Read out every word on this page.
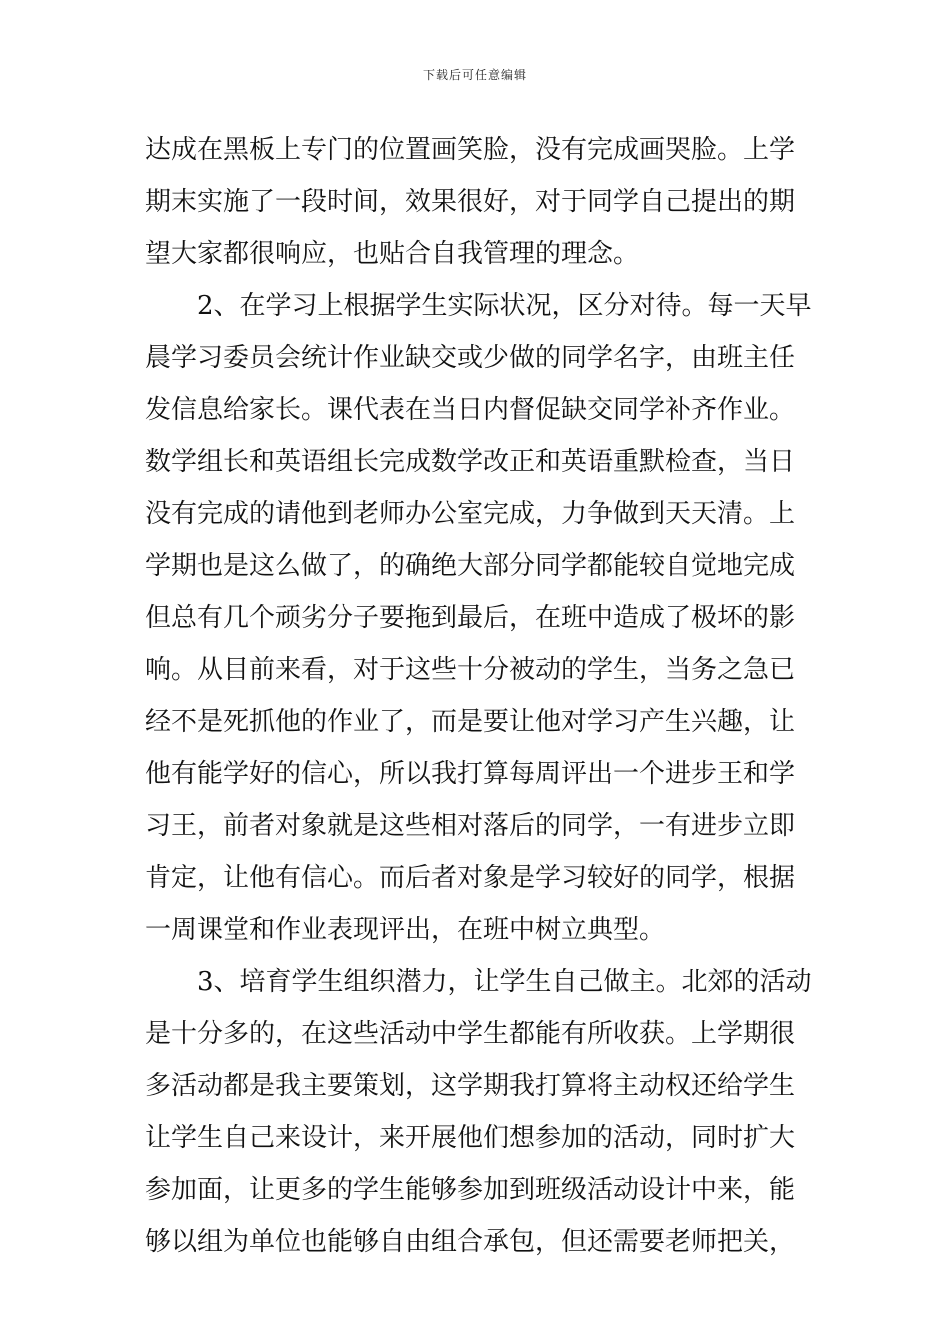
下载后可任意编辑
达成在黑板上专门的位置画笑脸，没有完成画哭脸。上学
期末实施了一段时间，效果很好，对于同学自己提出的期
望大家都很响应，也贴合自我管理的理念。
2、在学习上根据学生实际状况，区分对待。每一天早
晨学习委员会统计作业缺交或少做的同学名字，由班主任
发信息给家长。课代表在当日内督促缺交同学补齐作业。
数学组长和英语组长完成数学改正和英语重默检查，当日
没有完成的请他到老师办公室完成，力争做到天天清。上
学期也是这么做了，的确绝大部分同学都能较自觉地完成
但总有几个顽劣分子要拖到最后，在班中造成了极坏的影
响。从目前来看，对于这些十分被动的学生，当务之急已
经不是死抓他的作业了，而是要让他对学习产生兴趣，让
他有能学好的信心，所以我打算每周评出一个进步王和学
习王，前者对象就是这些相对落后的同学，一有进步立即
肯定，让他有信心。而后者对象是学习较好的同学，根据
一周课堂和作业表现评出，在班中树立典型。
3、培育学生组织潜力，让学生自己做主。北郊的活动
是十分多的，在这些活动中学生都能有所收获。上学期很
多活动都是我主要策划，这学期我打算将主动权还给学生
让学生自己来设计，来开展他们想参加的活动，同时扩大
参加面，让更多的学生能够参加到班级活动设计中来，能
够以组为单位也能够自由组合承包，但还需要老师把关，
